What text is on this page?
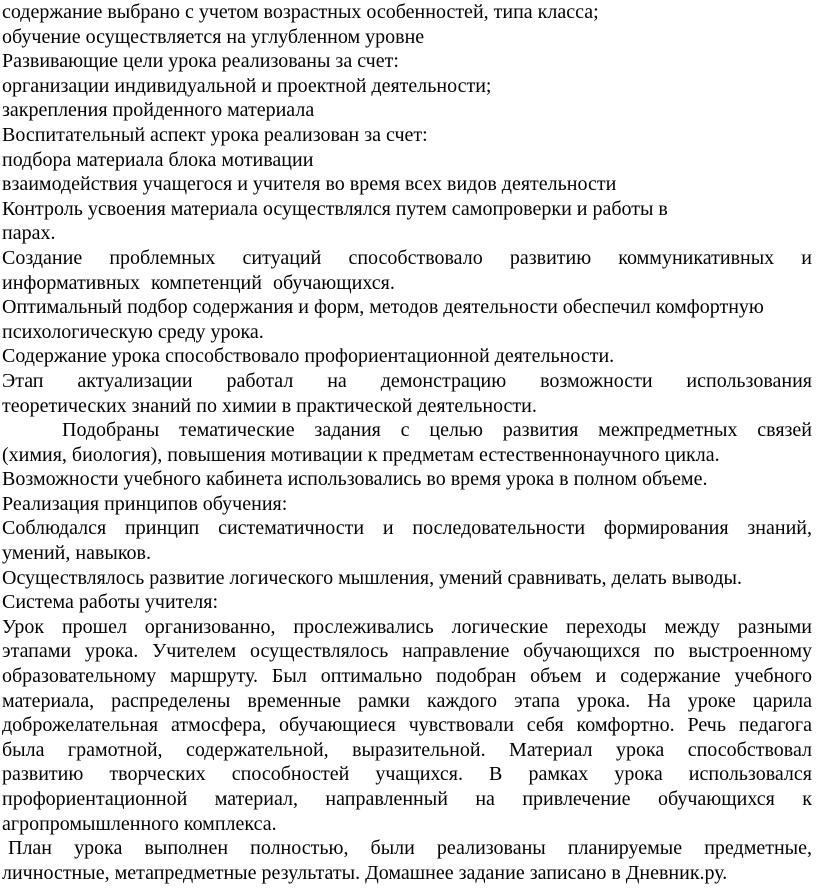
содержание выбрано с учетом возрастных особенностей, типа класса;
обучение осуществляется на углубленном уровне
Развивающие цели урока реализованы за счет:
организации индивидуальной и проектной деятельности;
закрепления пройденного материала
Воспитательный аспект урока реализован за счет:
подбора материала блока мотивации
взаимодействия учащегося и учителя во время всех видов деятельности
Контроль усвоения материала осуществлялся путем самопроверки и работы в
парах.
Создание проблемных ситуаций способствовало развитию коммуникативных и
информативных компетенций обучающихся.
Оптимальный подбор содержания и форм, методов деятельности обеспечил комфортную
психологическую среду урока.
Содержание урока способствовало профориентационной деятельности.
Этап актуализации работал на демонстрацию возможности использования
теоретических знаний по химии в практической деятельности.
Подобраны тематические задания с целью развития межпредметных связей
(химия, биология), повышения мотивации к предметам естественнонаучного цикла.
Возможности учебного кабинета использовались во время урока в полном объеме.
Реализация принципов обучения:
Соблюдался принцип систематичности и последовательности формирования знаний,
умений, навыков.
Осуществлялось развитие логического мышления, умений сравнивать, делать выводы.
Система работы учителя:
Урок прошел организованно, прослеживались логические переходы между разными
этапами урока. Учителем осуществлялось направление обучающихся по выстроенному
образовательному маршруту. Был оптимально подобран объем и содержание учебного
материала, распределены временные рамки каждого этапа урока. На уроке царила
доброжелательная атмосфера, обучающиеся чувствовали себя комфортно. Речь педагога
была грамотной, содержательной, выразительной. Материал урока способствовал
развитию творческих способностей учащихся. В рамках урока использовался
профориентационной материал, направленный на привлечение обучающихся к
агропромышленного комплекса.
План урока выполнен полностью, были реализованы планируемые предметные,
личностные, метапредметные результаты. Домашнее задание записано в Дневник.ру.
